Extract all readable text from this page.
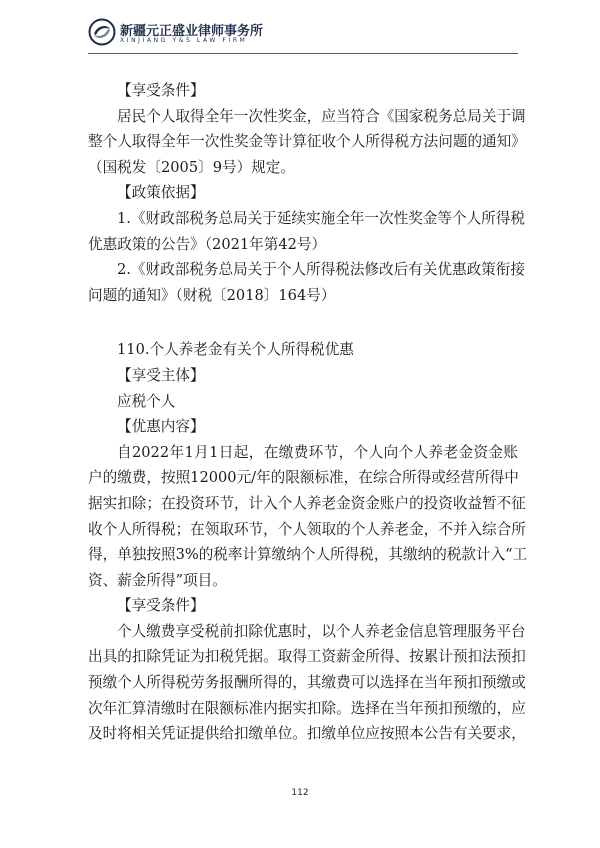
新疆元正盛业律师事务所
XINJIANG Y&S LAW FIRM
【享受条件】
居民个人取得全年一次性奖金，应当符合《国家税务总局关于调
整个人取得全年一次性奖金等计算征收个人所得税方法问题的通知》
（国税发〔2005〕9号）规定。
【政策依据】
1.《财政部税务总局关于延续实施全年一次性奖金等个人所得税
优惠政策的公告》（2021年第42号）
2.《财政部税务总局关于个人所得税法修改后有关优惠政策衔接
问题的通知》（财税〔2018〕164号）
110.个人养老金有关个人所得税优惠
【享受主体】
应税个人
【优惠内容】
自2022年1月1日起，在缴费环节，个人向个人养老金资金账
户的缴费，按照12000元/年的限额标准，在综合所得或经营所得中
据实扣除；在投资环节，计入个人养老金资金账户的投资收益暂不征
收个人所得税；在领取环节，个人领取的个人养老金，不并入综合所
得，单独按照3%的税率计算缴纳个人所得税，其缴纳的税款计入“工
资、薪金所得”项目。
【享受条件】
个人缴费享受税前扣除优惠时，以个人养老金信息管理服务平台
出具的扣除凭证为扣税凭据。取得工资薪金所得、按累计预扣法预扣
预缴个人所得税劳务报酬所得的，其缴费可以选择在当年预扣预缴或
次年汇算清缴时在限额标准内据实扣除。选择在当年预扣预缴的，应
及时将相关凭证提供给扣缴单位。扣缴单位应按照本公告有关要求，
112
